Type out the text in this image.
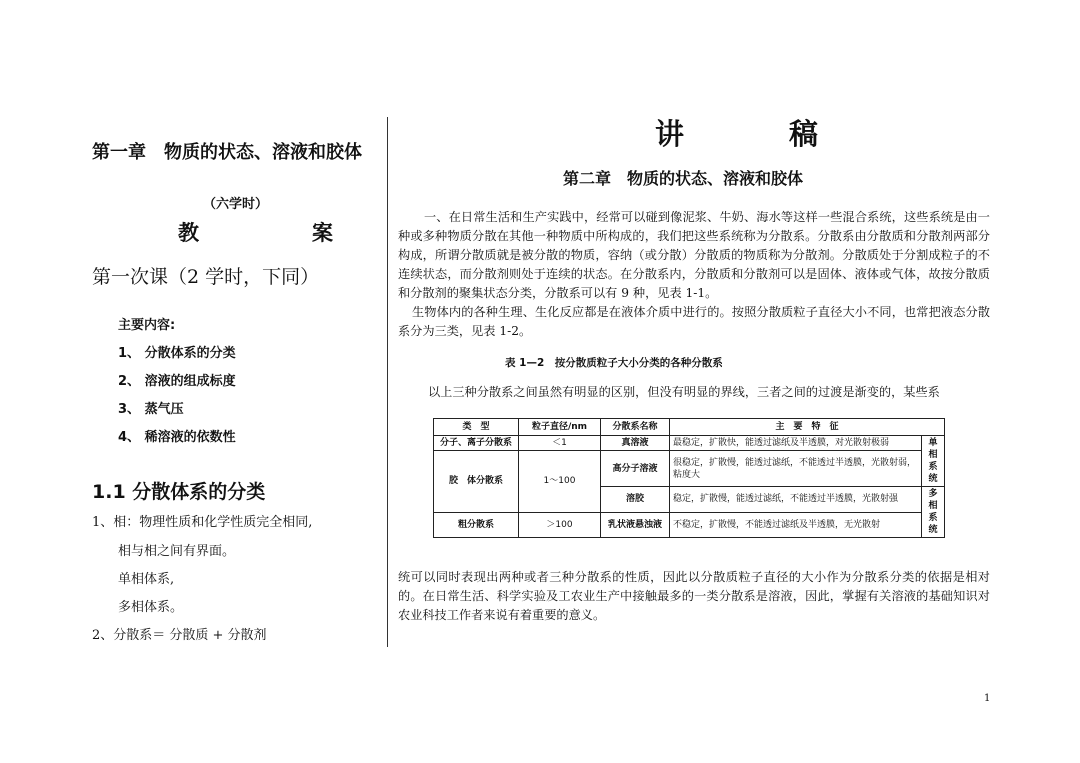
第一章　物质的状态、溶液和胶体
（六学时）
教　案
第一次课（2 学时，下同）
主要内容:
1、 分散体系的分类
2、 溶液的组成标度
3、 蒸气压
4、 稀溶液的依数性
1.1 分散体系的分类
1、相：物理性质和化学性质完全相同,
相与相之间有界面。
单相体系,
多相体系。
2、分散系＝ 分散质 + 分散剂
讲　稿
第二章　物质的状态、溶液和胶体

一、在日常生活和生产实践中，经常可以碰到像泥浆、牛奶、海水等这样一些混合系统，这些系统是由一种或多种物质分散在其他一种物质中所构成的，我们把这些系统称为分散系。分散系由分散质和分散剂两部分构成，所谓分散质就是被分散的物质，容纳（或分散）分散质的物质称为分散剂。分散质处于分割成粒子的不连续状态，而分散剂则处于连续的状态。在分散系内，分散质和分散剂可以是固体、液体或气体，故按分散质和分散剂的聚集状态分类，分散系可以有 9 种，见表 1-1。

生物体内的各种生理、生化反应都是在液体介质中进行的。按照分散质粒子直径大小不同，也常把液态分散系分为三类，见表 1-2。

表 1—2　按分散质粒子大小分类的各种分散系
以上三种分散系之间虽然有明显的区别，但没有明显的界线，三者之间的过渡是渐变的，某些系
类　型	粒子直径/nm	分散系名称	主　要　特　征	
分子、离子分散系	＜1	真溶液	最稳定，扩散快，能透过滤纸及半透膜，对光散射极弱	单相系统
胶　体分散系	1～100	高分子溶液	很稳定，扩散慢，能透过滤纸，不能透过半透膜，光散射弱，粘度大	
		溶胶	稳定，扩散慢，能透过滤纸，不能透过半透膜，光散射强	多相系统
粗分散系	＞100	乳状液悬浊液	不稳定，扩散慢，不能透过滤纸及半透膜，无光散射	
统可以同时表现出两种或者三种分散系的性质，因此以分散质粒子直径的大小作为分散系分类的依据是相对的。在日常生活、科学实验及工农业生产中接触最多的一类分散系是溶液，因此，掌握有关溶液的基础知识对农业科技工作者来说有着重要的意义。
1
